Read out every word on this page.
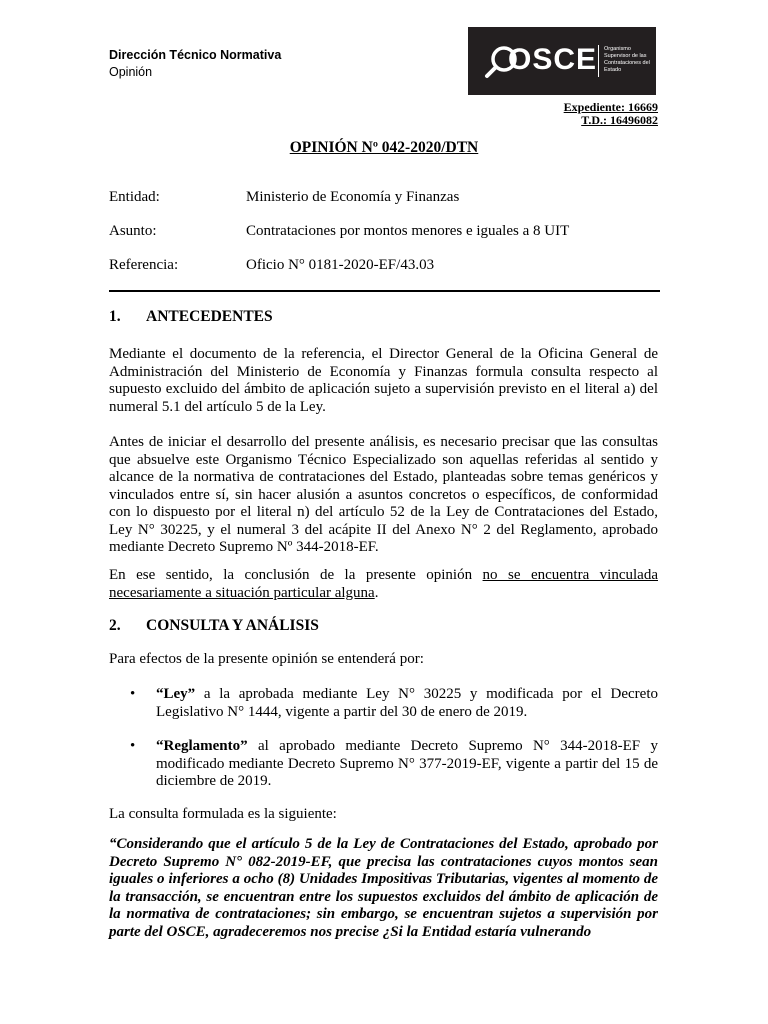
Dirección Técnico Normativa
Opinión	OSCE Organismo Supervisor de las Contrataciones del Estado
Expediente: 16669
T.D.: 16496082
OPINIÓN Nº 042-2020/DTN
Entidad:	Ministerio de Economía y Finanzas
Asunto:	Contrataciones por montos menores e iguales a 8 UIT
Referencia:	Oficio N° 0181-2020-EF/43.03
1. ANTECEDENTES
Mediante el documento de la referencia, el Director General de la Oficina General de Administración del Ministerio de Economía y Finanzas formula consulta respecto al supuesto excluido del ámbito de aplicación sujeto a supervisión previsto en el literal a) del numeral 5.1 del artículo 5 de la Ley.
Antes de iniciar el desarrollo del presente análisis, es necesario precisar que las consultas que absuelve este Organismo Técnico Especializado son aquellas referidas al sentido y alcance de la normativa de contrataciones del Estado, planteadas sobre temas genéricos y vinculados entre sí, sin hacer alusión a asuntos concretos o específicos, de conformidad con lo dispuesto por el literal n) del artículo 52 de la Ley de Contrataciones del Estado, Ley N° 30225, y el numeral 3 del acápite II del Anexo N° 2 del Reglamento, aprobado mediante Decreto Supremo Nº 344-2018-EF.
En ese sentido, la conclusión de la presente opinión no se encuentra vinculada necesariamente a situación particular alguna.
2. CONSULTA Y ANÁLISIS
Para efectos de la presente opinión se entenderá por:
• “Ley” a la aprobada mediante Ley N° 30225 y modificada por el Decreto Legislativo N° 1444, vigente a partir del 30 de enero de 2019.
• “Reglamento” al aprobado mediante Decreto Supremo N° 344-2018-EF y modificado mediante Decreto Supremo N° 377-2019-EF, vigente a partir del 15 de diciembre de 2019.
La consulta formulada es la siguiente:
“Considerando que el artículo 5 de la Ley de Contrataciones del Estado, aprobado por Decreto Supremo N° 082-2019-EF, que precisa las contrataciones cuyos montos sean iguales o inferiores a ocho (8) Unidades Impositivas Tributarias, vigentes al momento de la transacción, se encuentran entre los supuestos excluidos del ámbito de aplicación de la normativa de contrataciones; sin embargo, se encuentran sujetos a supervisión por parte del OSCE, agradeceremos nos precise ¿Si la Entidad estaría vulnerando
